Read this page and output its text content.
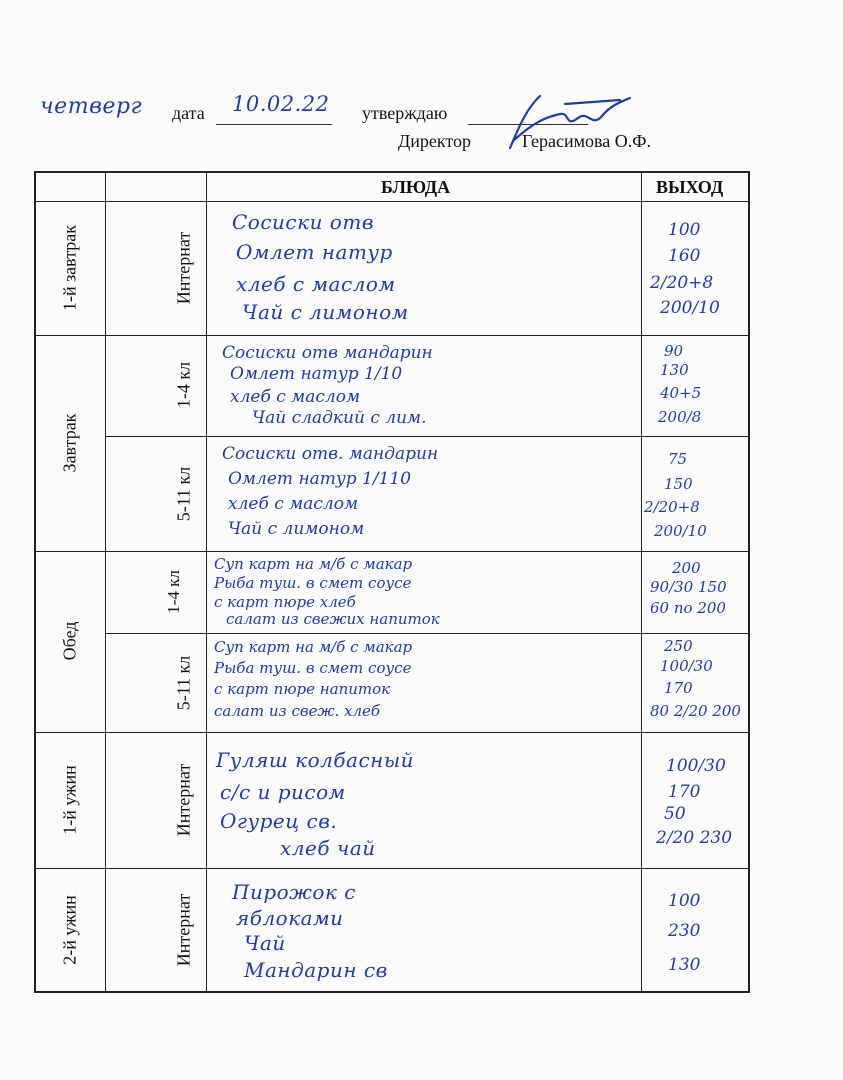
четверг дата 10.02.22 утверждаю
Директор	Герасимова О.Ф.
БЛЮДА	ВЫХОД
1-й завтрак
Завтрак
Обед
1-й ужин
2-й ужин
Интернат
1-4 кл
5-11 кл
1-4 кл
5-11 кл
Интернат
Интернат
Сосиски отв
Омлет натур
хлеб с маслом
Чай с лимоном
Сосиски отв мандарин
Омлет натур 1/10
хлеб с маслом
Чай сладкий с лим.
Сосиски отв. мандарин
Омлет натур 1/110
хлеб с маслом
Чай с лимоном
Суп карт на м/б с макар
Рыба туш. в смет соусе
с карт пюре хлеб
салат из свежих напиток
Суп карт на м/б с макар
Рыба туш. в смет соусе
с карт пюре напиток
салат из свеж. хлеб
Гуляш колбасный
с/с и рисом
Огурец св.
хлеб чай
Пирожок с
яблоками
Чай
Мандарин св
100
160
2/20+8
200/10
90
130
40+5
200/8
75
150
2/20+8
200/10
200
90/30 150
60 по 200
250
100/30
170
80 2/20 200
100/30
170
50
2/20 230
100
230
130
